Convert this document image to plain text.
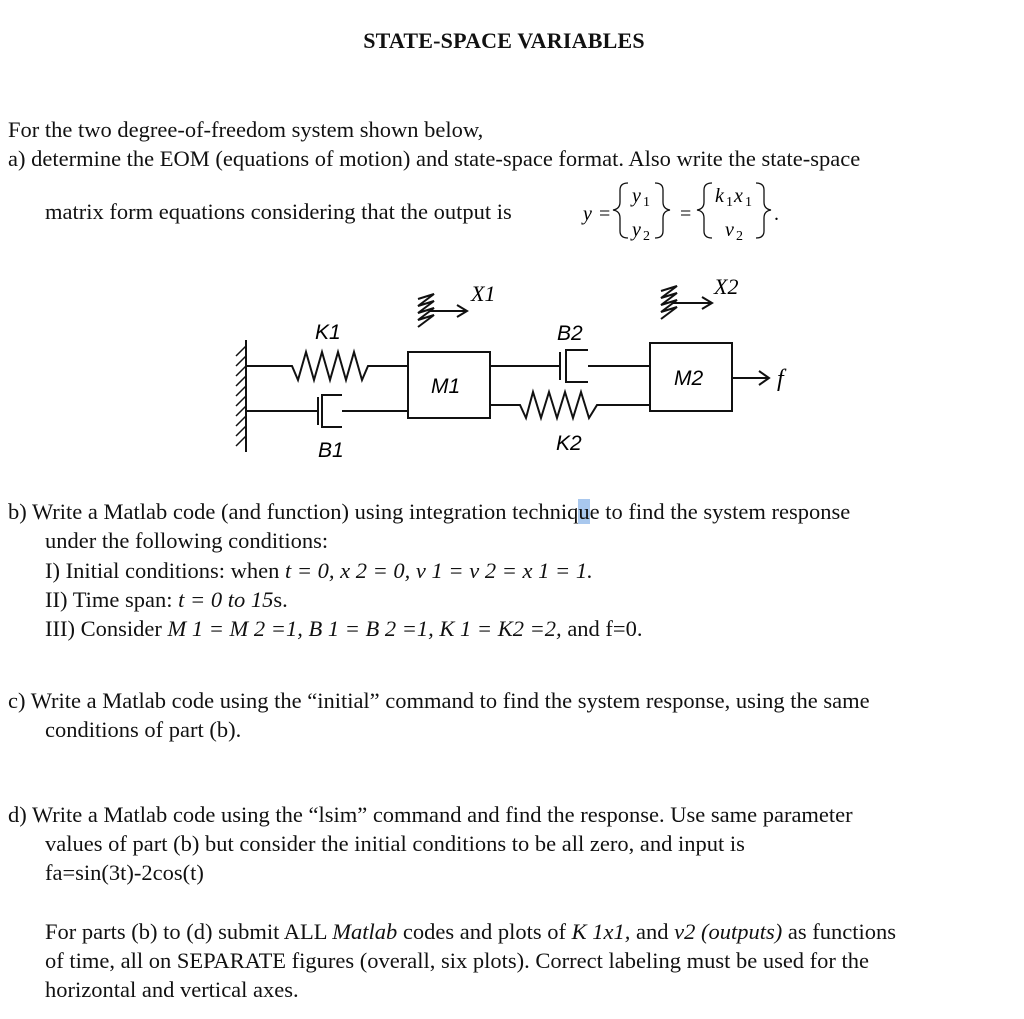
STATE-SPACE VARIABLES
For the two degree-of-freedom system shown below,
a) determine the EOM (equations of motion) and state-space format. Also write the state-space
matrix form equations considering that the output is	y =
y 1
y 2
=
k 1 x 1
v 2
.
X1	X2
K1
B1
M1
B2
K2
M2	f
b) Write a Matlab code (and function) using integration technique to find the system response
under the following conditions:
I) Initial conditions: when t = 0, x 2 = 0, v 1 = v 2 = x 1 = 1.
II) Time span: t = 0 to 15s.
III) Consider M 1 = M 2 =1, B 1 = B 2 =1, K 1 = K2 =2, and f=0.
c) Write a Matlab code using the “initial” command to find the system response, using the same
conditions of part (b).
d) Write a Matlab code using the “lsim” command and find the response. Use same parameter
values of part (b) but consider the initial conditions to be all zero, and input is
fa=sin(3t)-2cos(t)
For parts (b) to (d) submit ALL Matlab codes and plots of K 1x1, and v2 (outputs) as functions
of time, all on SEPARATE figures (overall, six plots). Correct labeling must be used for the
horizontal and vertical axes.
